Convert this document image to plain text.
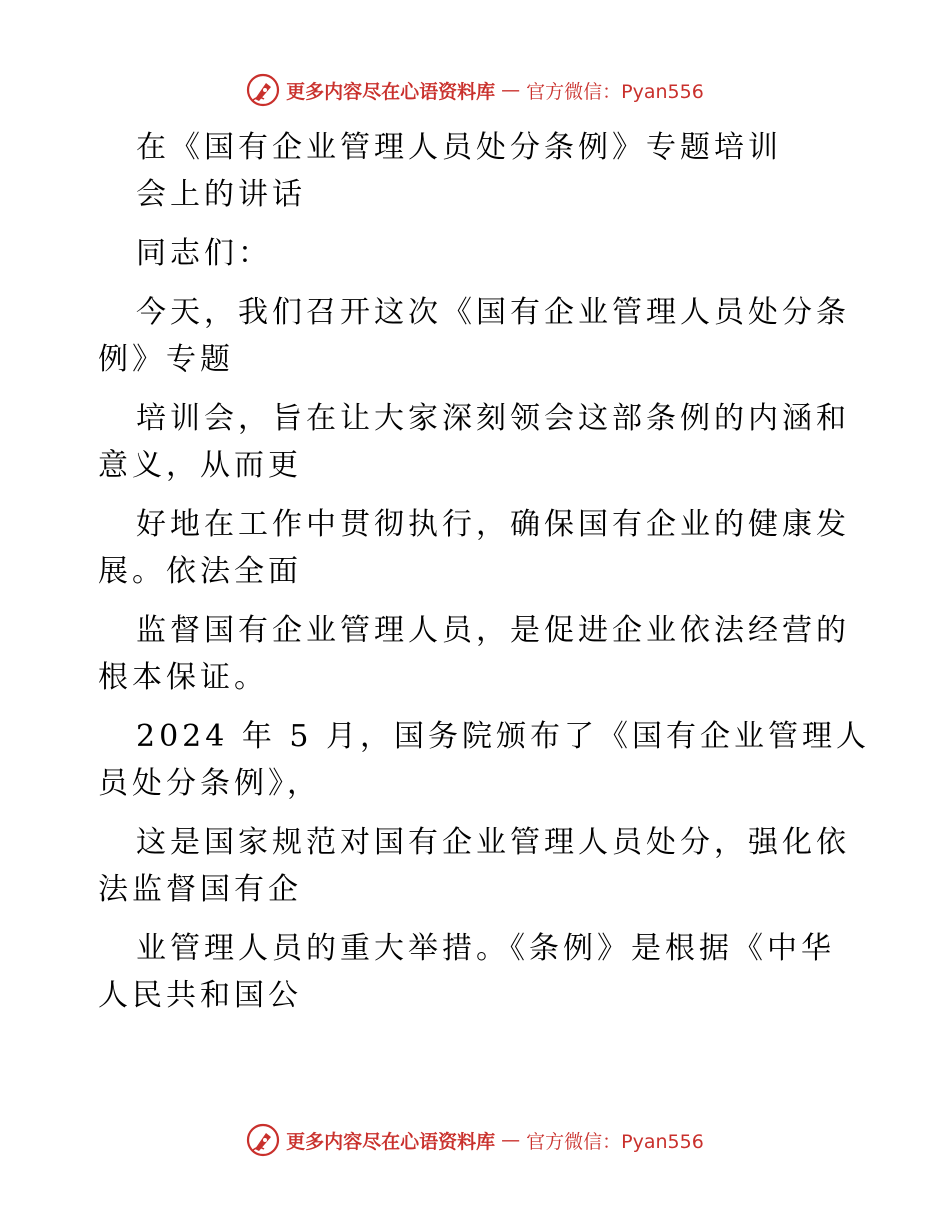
更多内容尽在心语资料库 — 官方微信：Pyan556
在《国有企业管理人员处分条例》专题培训
会上的讲话
同志们：
今天，我们召开这次《国有企业管理人员处分条
例》专题
培训会，旨在让大家深刻领会这部条例的内涵和
意义，从而更
好地在工作中贯彻执行，确保国有企业的健康发
展。依法全面
监督国有企业管理人员，是促进企业依法经营的
根本保证。
2024 年 5 月，国务院颁布了《国有企业管理人
员处分条例》，
这是国家规范对国有企业管理人员处分，强化依
法监督国有企
业管理人员的重大举措。《条例》是根据《中华
人民共和国公
更多内容尽在心语资料库 — 官方微信：Pyan556
